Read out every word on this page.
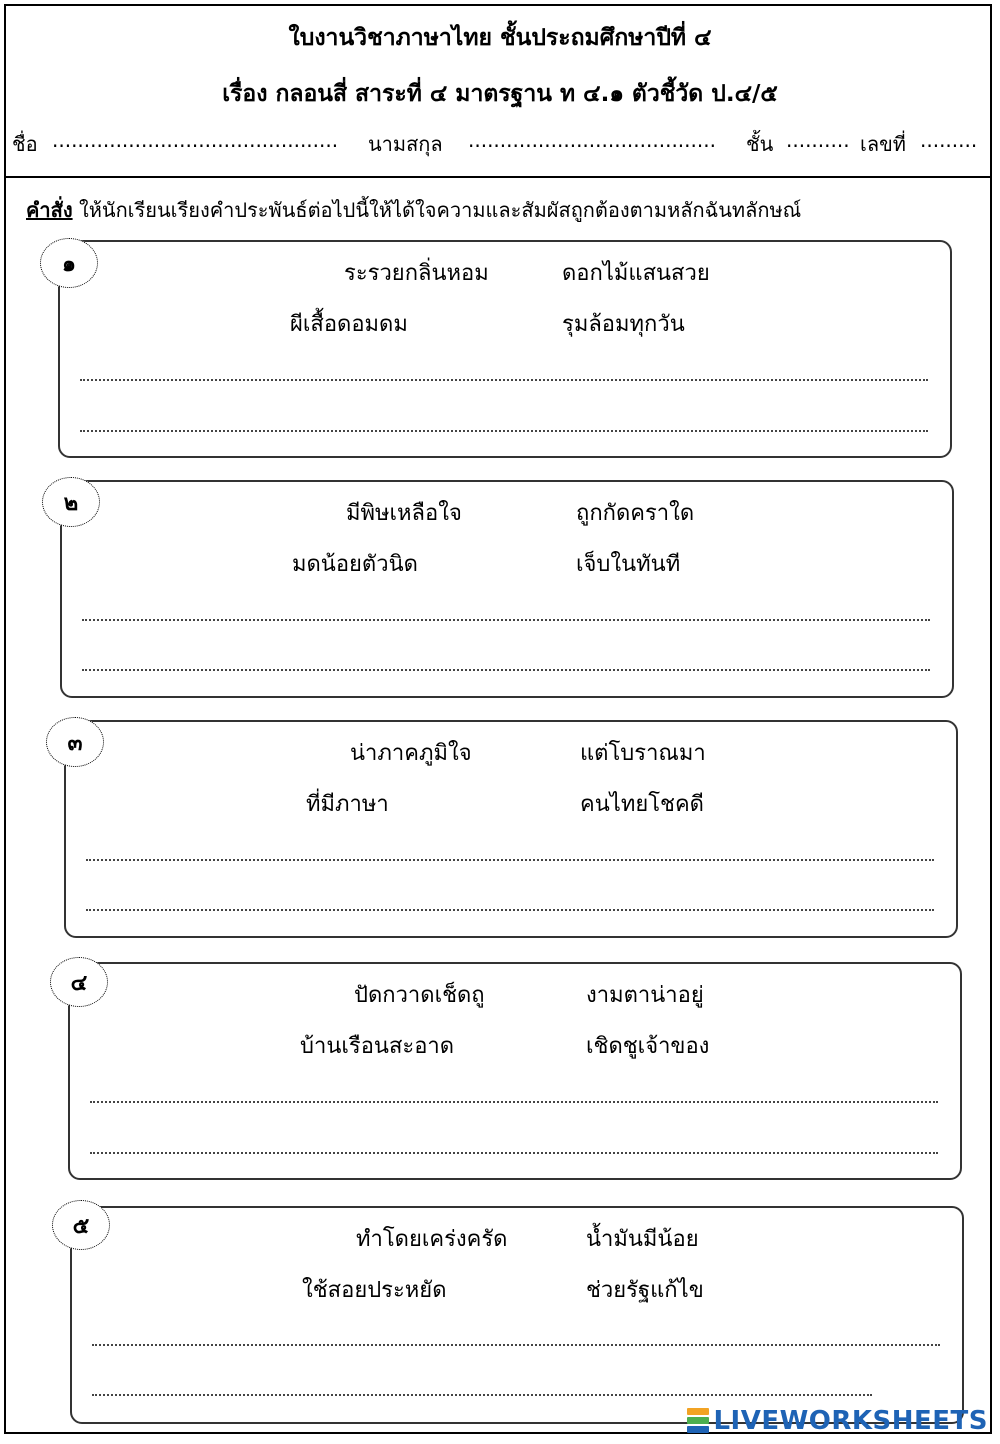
ใบงานวิชาภาษาไทย ชั้นประถมศึกษาปีที่ ๔
เรื่อง กลอนสี่ สาระที่ ๔ มาตรฐาน ท ๔.๑ ตัวชี้วัด ป.๔/๕
ชื่อ ............................................. นามสกุล ....................................... ชั้น .......... เลขที่ .........
คำสั่ง ให้นักเรียนเรียงคำประพันธ์ต่อไปนี้ให้ได้ใจความและสัมผัสถูกต้องตามหลักฉันทลักษณ์
๑	ระรวยกลิ่นหอม	ดอกไม้แสนสวย
ผีเสื้อดอมดม	รุมล้อมทุกวัน
๒	มีพิษเหลือใจ	ถูกกัดคราใด
มดน้อยตัวนิด	เจ็บในทันที
๓	น่าภาคภูมิใจ	แต่โบราณมา
ที่มีภาษา	คนไทยโชคดี
๔	ปัดกวาดเช็ดถู	งามตาน่าอยู่
บ้านเรือนสะอาด	เชิดชูเจ้าของ
๕
ทำโดยเคร่งครัด	น้ำมันมีน้อย
ใช้สอยประหยัด	ช่วยรัฐแก้ไข
LIVEWORKSHEETS
